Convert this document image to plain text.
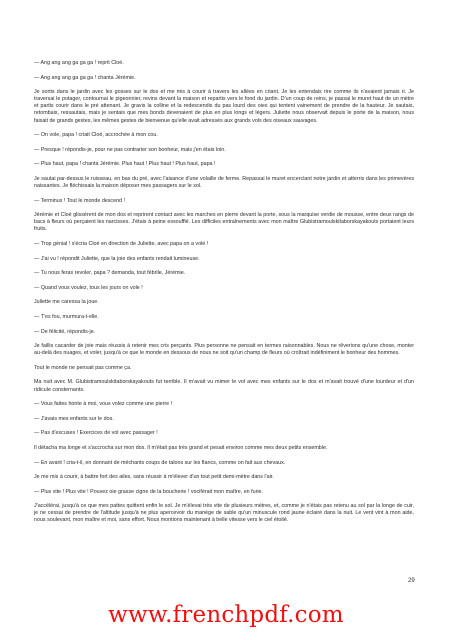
— Ang ang ang ga ga ga ! reprit Cloé.

— Ang ang ang ga ga ga ! chanta Jérémie.

Je sortis dans le jardin avec les gosses sur le dos et me mis à courir à travers les allées en criant. Je les entendais rire comme ils n'avaient jamais ri. Je traversai le potager, contournai le pigeonnier, revins devant la maison et repartis vers le fond du jardin. D'un coup de reins, je passai le muret haut de un mètre et partis courir dans le pré attenant. Je gravis la colline et la redescendis du pas lourd des oies qui tentent vainement de prendre de la hauteur. Je sautais, retombais, ressautais, mais je sentais que mes bonds devenaient de plus en plus longs et légers. Juliette nous observait depuis le porte de la maison, nous faisait de grands gestes, les mêmes gestes de bienvenue qu'elle avait adressés aux grands vols des oiseaux sauvages.

— On vole, papa ! criait Cloé, accrochée à mon cou.

— Presque ! répondis-je, pour ne pas contrarier son bonheur, mais j'en étais loin.

— Plus haut, papa ! chanta Jérémie. Plus haut ! Plus haut ! Plus haut, papa !

Je sautai par-dessus le ruisseau, en bas du pré, avec l'aisance d'une volaille de ferme. Repassai le muret encerclant notre jardin et atterris dans les primevères naissantes. Je fléchissais la maison déposer mes passagers sur le sol.

— Terminus ! Tout le monde descend !

Jérémie et Cloé glissèrent de mon dos et reprirent contact avec les marches en pierre devant la porte, sous la marquise verdie de mousse, entre deux rangs de bacs à fleurs où perçaient les narcisses. J'étais à peine essoufflé. Les difficiles entraînements avec mon maître Glubistramoulskitaborskayakouts portaient leurs fruits.

— Trop génial ! s'écria Cloé en direction de Juliette, avec papa on a volé !

— J'ai vu ! répondit Juliette, que la joie des enfants rendait lumineuse.

— Tu nous feras revoler, papa ? demanda, tout fébrile, Jérémie.

— Quand vous voulez, tous les jours on vole !

Juliette me caressa la joue.

— T'es fou, murmura-t-elle.

— De félicité, répondis-je.

Je faillis cacarder de joie mais réussis à retenir mes cris perçants. Plus personne ne pensait en termes raisonnables. Nous ne rêverions qu'une chose, monter au-delà des nuages, et voler, jusqu'à ce que le monde en dessous de nous ne soit qu'un champ de fleurs où croîtrait indéfiniment le bonheur des hommes.

Tout le monde ne pensait pas comme ça.

Ma nuit avec M. Glubistramoulskitaborskayakouts fut terrible. Il m'avait vu mimer le vol avec mes enfants sur le dos et m'avait trouvé d'une lourdeur et d'un ridicule consternants.

— Vous faites honte à moi, vous volez comme une pierre !

— J'avais mes enfants sur le dos.

— Pas d'excuses ! Exercices de vol avec passager !

Il détacha ma longe et s'accrocha sur mon dos. Il m'était pas très grand et pesait environ comme mes deux petits ensemble.

— En avant ! cria-t-il, en donnant de méchants coups de talons sur les flancs, comme on fait aux chevaux.

Je me mis à courir, à battre fort des ailes, sans réussir à m'élever d'un tout petit demi-mètre dans l'air.

— Plus vite ! Plus vite ! Pouvez oie grasse cigne de la boucherie ! vociférait mon maître, en furie.

J'accélérai, jusqu'à ce que mes pattes quittent enfin le sol. Je m'élevai très vite de plusieurs mètres, et, comme je n'étais pas retenu au sol par la longe de cuir, je ne cessai de prendre de l'altitude jusqu'à ne plus apercevoir du manège de sable qu'un minuscule rond jaune éclairé dans la nuit. Le vent vint à mon aide, nous soulevant, mon maître et moi, sans effort. Nous montions maintenant à belle vitesse vers le ciel étoilé.

29
www.frenchpdf.com
